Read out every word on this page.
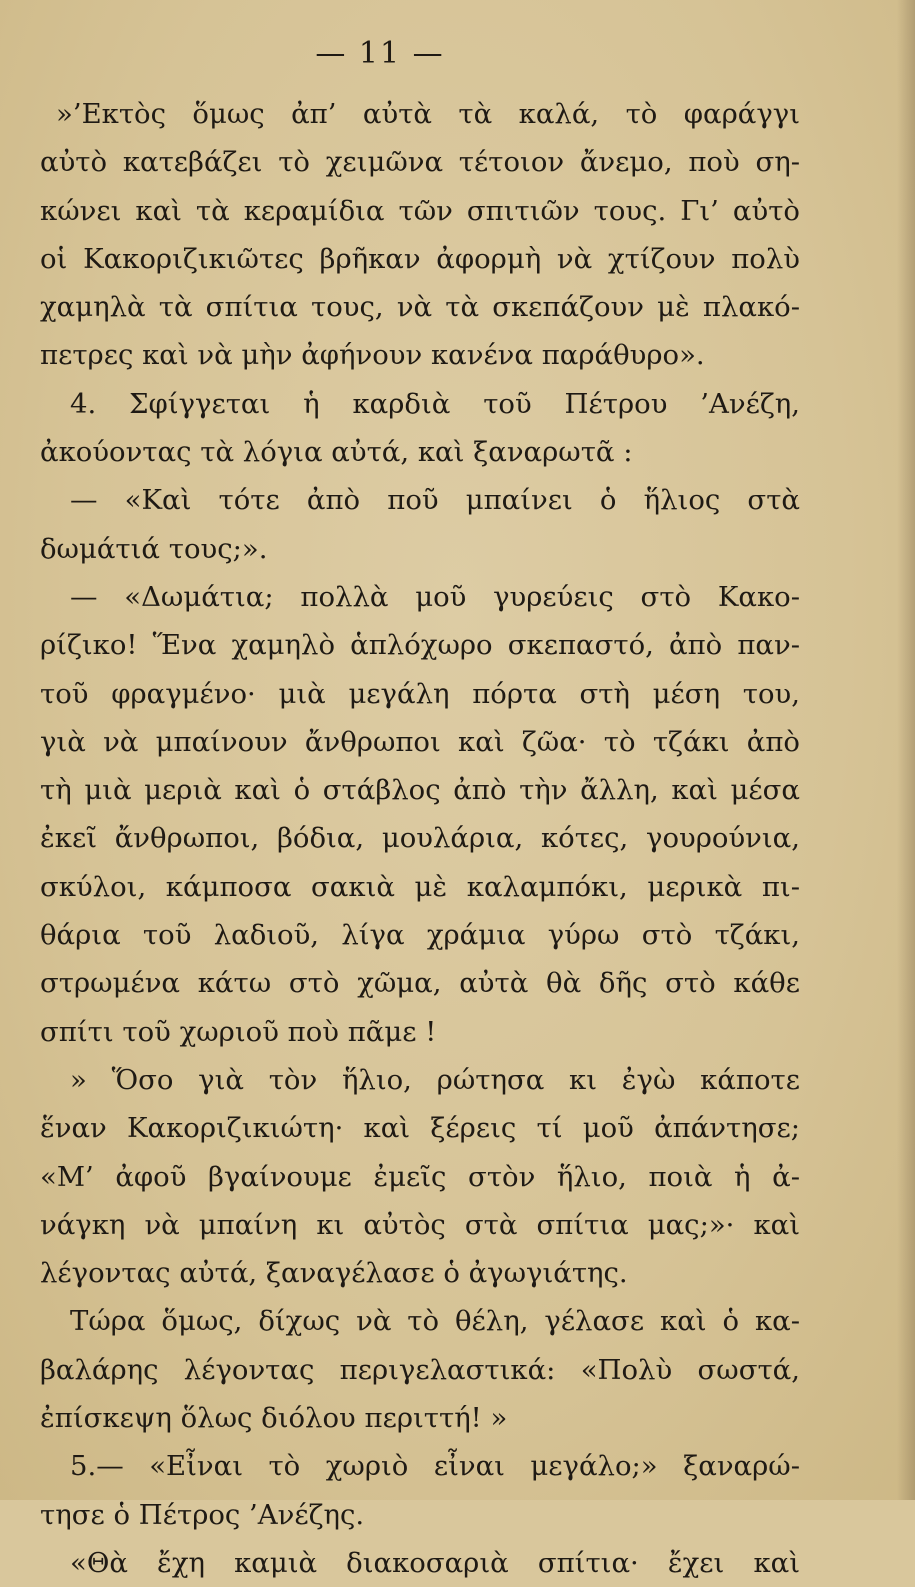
— 11 —
»’Εκτὸς ὅμως ἀπ’ αὐτὰ τὰ καλά, τὸ φαράγγι
αὐτὸ κατεβάζει τὸ χειμῶνα τέτοιον ἄνεμο, ποὺ ση-
κώνει καὶ τὰ κεραμίδια τῶν σπιτιῶν τους. Γι’ αὐτὸ
οἱ Κακοριζικιῶτες βρῆκαν ἀφορμὴ νὰ χτίζουν πολὺ
χαμηλὰ τὰ σπίτια τους, νὰ τὰ σκεπάζουν μὲ πλακό-
πετρες καὶ νὰ μὴν ἀφήνουν κανένα παράθυρο».
4. Σφίγγεται ἡ καρδιὰ τοῦ Πέτρου ’Ανέζη,
ἀκούοντας τὰ λόγια αὐτά, καὶ ξαναρωτᾶ :
— «Καὶ τότε ἀπὸ ποῦ μπαίνει ὁ ἥλιος στὰ
δωμάτιά τους;».
— «Δωμάτια; πολλὰ μοῦ γυρεύεις στὸ Κακο-
ρίζικο! Ἕνα χαμηλὸ ἁπλόχωρο σκεπαστό, ἀπὸ παν-
τοῦ φραγμένο· μιὰ μεγάλη πόρτα στὴ μέση του,
γιὰ νὰ μπαίνουν ἄνθρωποι καὶ ζῶα· τὸ τζάκι ἀπὸ
τὴ μιὰ μεριὰ καὶ ὁ στάβλος ἀπὸ τὴν ἄλλη, καὶ μέσα
ἐκεῖ ἄνθρωποι, βόδια, μουλάρια, κότες, γουρούνια,
σκύλοι, κάμποσα σακιὰ μὲ καλαμπόκι, μερικὰ πι-
θάρια τοῦ λαδιοῦ, λίγα χράμια γύρω στὸ τζάκι,
στρωμένα κάτω στὸ χῶμα, αὐτὰ θὰ δῆς στὸ κάθε
σπίτι τοῦ χωριοῦ ποὺ πᾶμε !
» Ὅσο γιὰ τὸν ἥλιο, ρώτησα κι ἐγὼ κάποτε
ἕναν Κακοριζικιώτη· καὶ ξέρεις τί μοῦ ἀπάντησε;
«Μ’ ἀφοῦ βγαίνουμε ἐμεῖς στὸν ἥλιο, ποιὰ ἡ ἀ-
νάγκη νὰ μπαίνη κι αὐτὸς στὰ σπίτια μας;»· καὶ
λέγοντας αὐτά, ξαναγέλασε ὁ ἀγωγιάτης.
Τώρα ὅμως, δίχως νὰ τὸ θέλη, γέλασε καὶ ὁ κα-
βαλάρης λέγοντας περιγελαστικά: «Πολὺ σωστά,
ἐπίσκεψη ὅλως διόλου περιττή! »
5.— «Εἶναι τὸ χωριὸ εἶναι μεγάλο;» ξαναρώ-
τησε ὁ Πέτρος ’Ανέζης.
«Θὰ ἔχη καμιὰ διακοσαριὰ σπίτια· ἔχει καὶ
